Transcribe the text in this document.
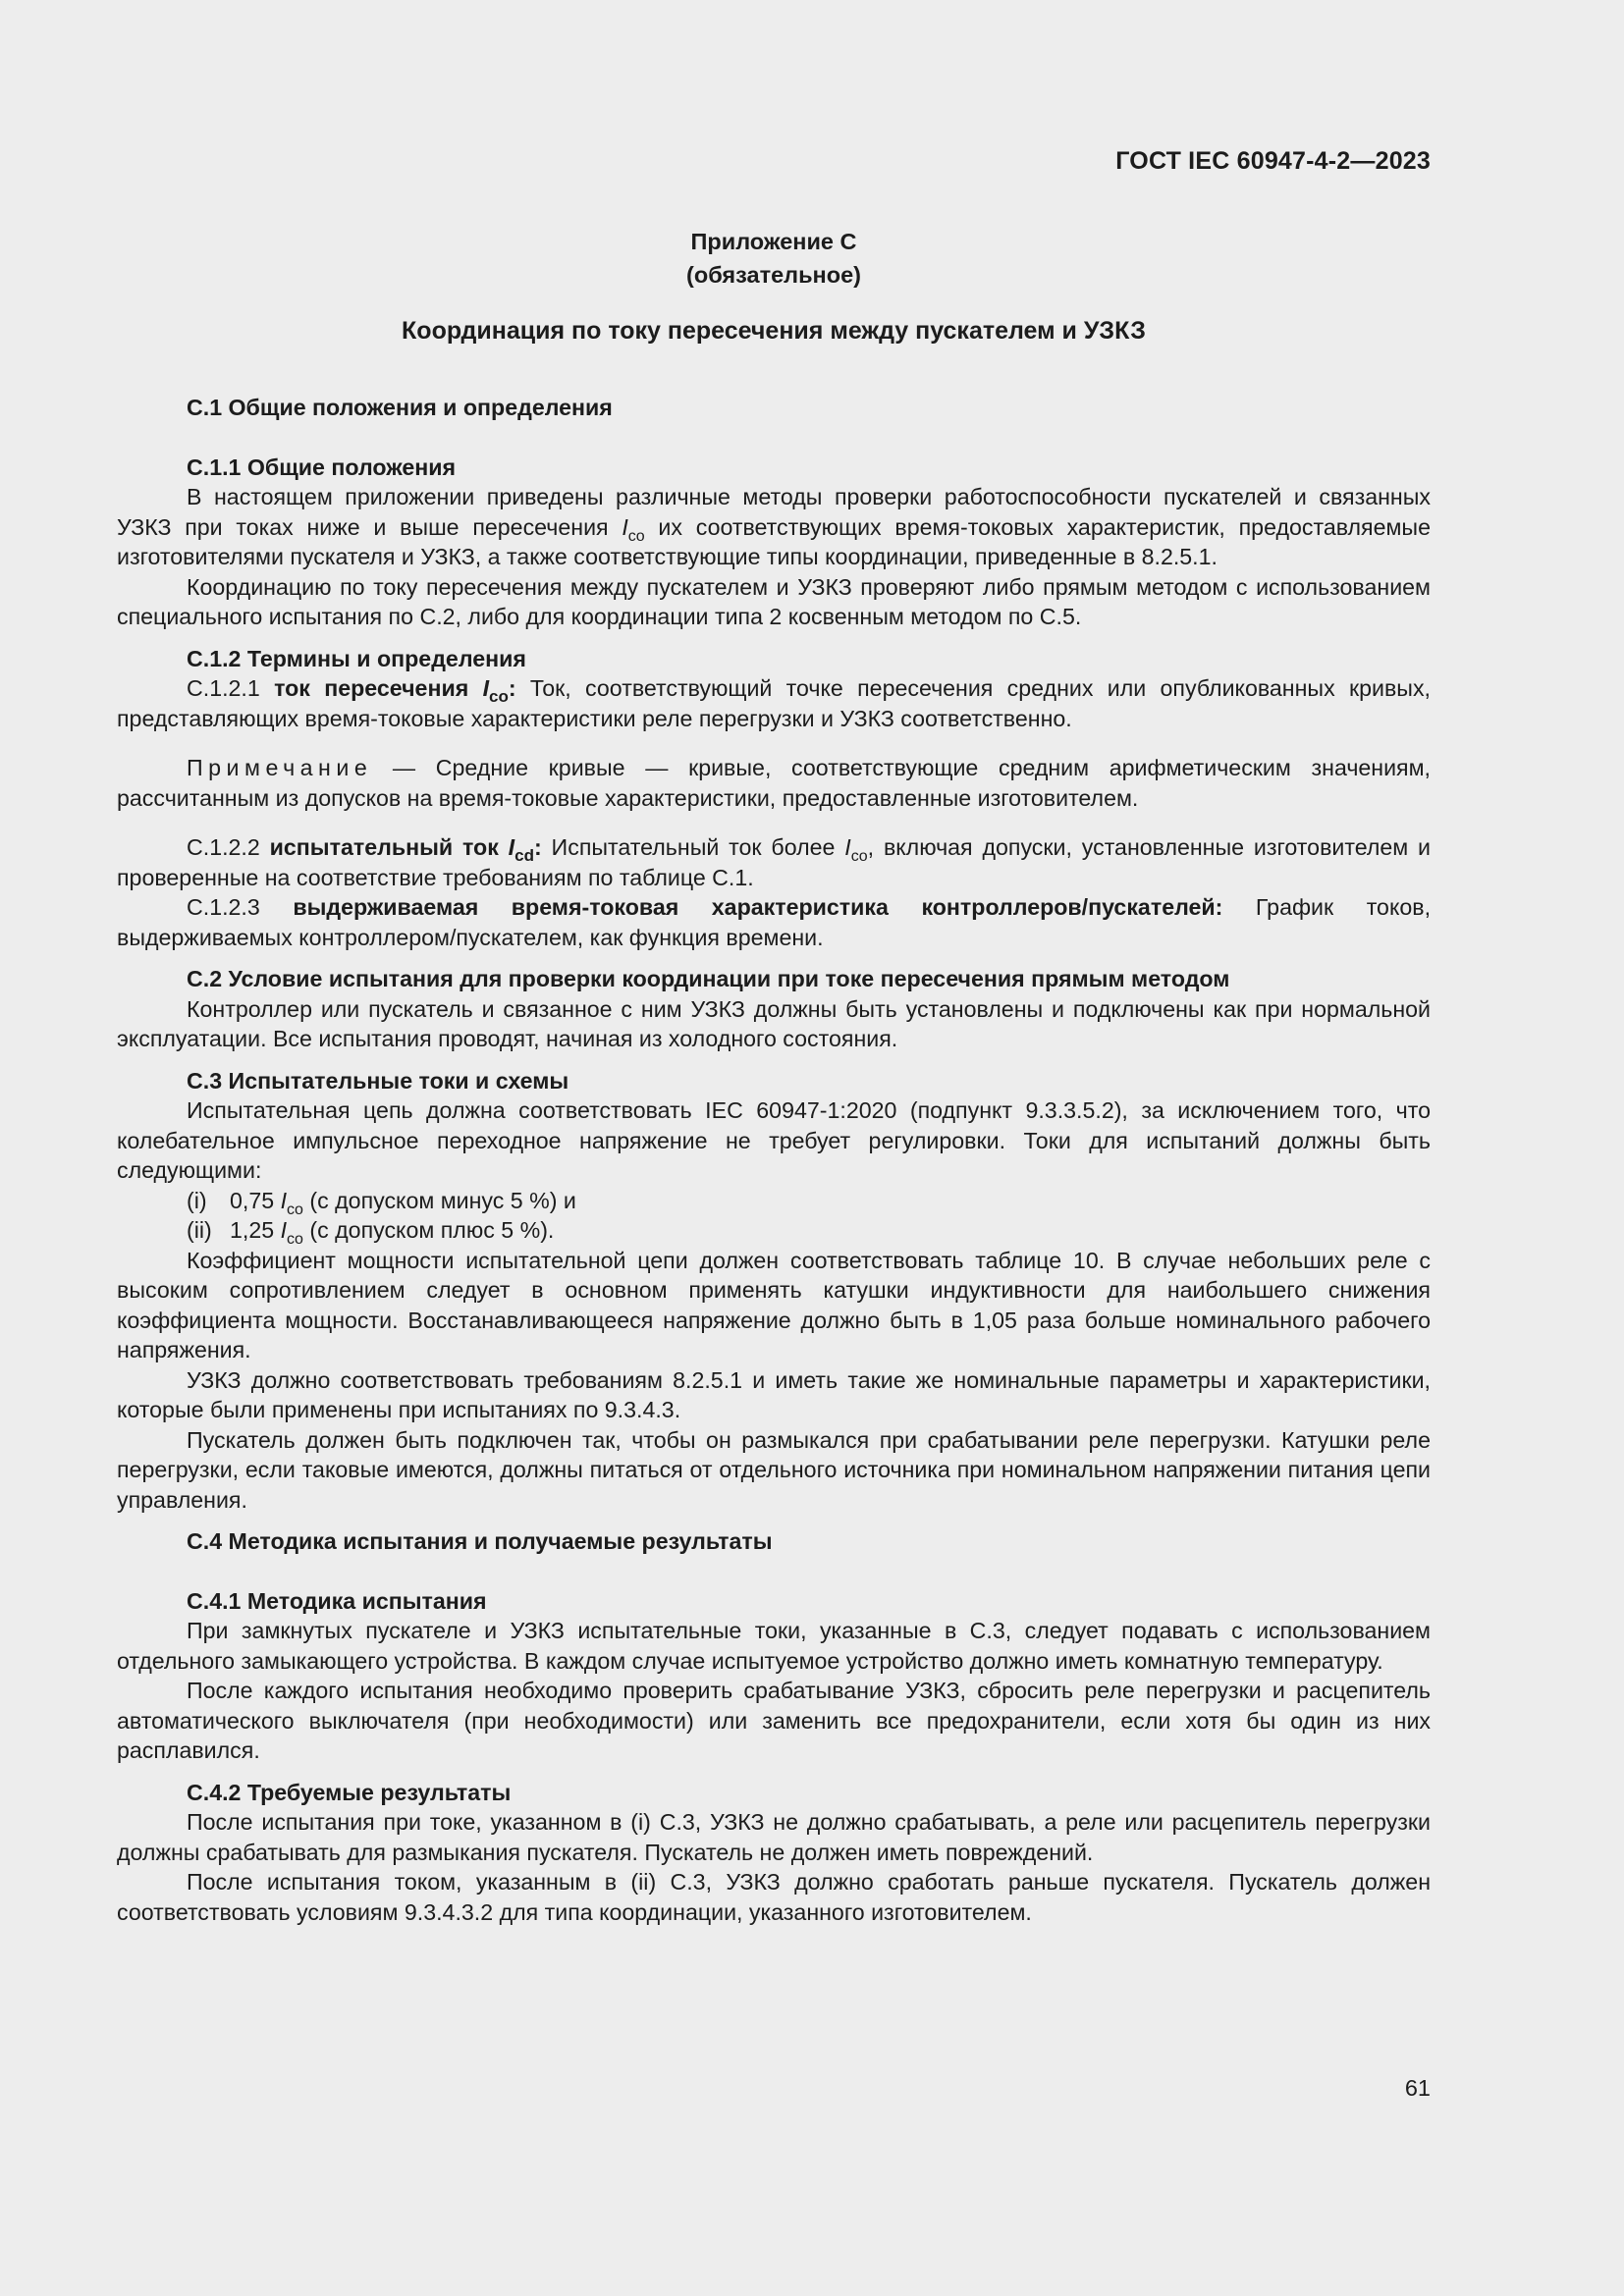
ГОСТ IEC 60947-4-2—2023
Приложение С
(обязательное)
Координация по току пересечения между пускателем и УЗКЗ

С.1 Общие положения и определения

С.1.1 Общие положения

В настоящем приложении приведены различные методы проверки работоспособности пускателей и связанных УЗКЗ при токах ниже и выше пересечения $I_{co}$ их соответствующих время-токовых характеристик, предоставляемые изготовителями пускателя и УЗКЗ, а также соответствующие типы координации, приведенные в 8.2.5.1.

Координацию по току пересечения между пускателем и УЗКЗ проверяют либо прямым методом с использованием специального испытания по С.2, либо для координации типа 2 косвенным методом по С.5.

С.1.2 Термины и определения

С.1.2.1 ток пересечения $I_{co}$: Ток, соответствующий точке пересечения средних или опубликованных кривых, представляющих время-токовые характеристики реле перегрузки и УЗКЗ соответственно.

Примечание — Средние кривые — кривые, соответствующие средним арифметическим значениям, рассчитанным из допусков на время-токовые характеристики, предоставленные изготовителем.

С.1.2.2 испытательный ток $I_{cd}$: Испытательный ток более $I_{co}$, включая допуски, установленные изготовителем и проверенные на соответствие требованиям по таблице С.1.

С.1.2.3 выдерживаемая время-токовая характеристика контроллеров/пускателей: График токов, выдерживаемых контроллером/пускателем, как функция времени.

С.2 Условие испытания для проверки координации при токе пересечения прямым методом

Контроллер или пускатель и связанное с ним УЗКЗ должны быть установлены и подключены как при нормальной эксплуатации. Все испытания проводят, начиная из холодного состояния.

С.3 Испытательные токи и схемы

Испытательная цепь должна соответствовать IEC 60947-1:2020 (подпункт 9.3.3.5.2), за исключением того, что колебательное импульсное переходное напряжение не требует регулировки. Токи для испытаний должны быть следующими:

(i) 0,75 $I_{co}$ (с допуском минус 5 %) и

(ii) 1,25 $I_{co}$ (с допуском плюс 5 %).

Коэффициент мощности испытательной цепи должен соответствовать таблице 10. В случае небольших реле с высоким сопротивлением следует в основном применять катушки индуктивности для наибольшего снижения коэффициента мощности. Восстанавливающееся напряжение должно быть в 1,05 раза больше номинального рабочего напряжения.

УЗКЗ должно соответствовать требованиям 8.2.5.1 и иметь такие же номинальные параметры и характеристики, которые были применены при испытаниях по 9.3.4.3.

Пускатель должен быть подключен так, чтобы он размыкался при срабатывании реле перегрузки. Катушки реле перегрузки, если таковые имеются, должны питаться от отдельного источника при номинальном напряжении питания цепи управления.

С.4 Методика испытания и получаемые результаты

С.4.1 Методика испытания

При замкнутых пускателе и УЗКЗ испытательные токи, указанные в С.3, следует подавать с использованием отдельного замыкающего устройства. В каждом случае испытуемое устройство должно иметь комнатную температуру.

После каждого испытания необходимо проверить срабатывание УЗКЗ, сбросить реле перегрузки и расцепитель автоматического выключателя (при необходимости) или заменить все предохранители, если хотя бы один из них расплавился.

С.4.2 Требуемые результаты

После испытания при токе, указанном в (i) С.3, УЗКЗ не должно срабатывать, а реле или расцепитель перегрузки должны срабатывать для размыкания пускателя. Пускатель не должен иметь повреждений.

После испытания током, указанным в (ii) С.3, УЗКЗ должно сработать раньше пускателя. Пускатель должен соответствовать условиям 9.3.4.3.2 для типа координации, указанного изготовителем.

61
